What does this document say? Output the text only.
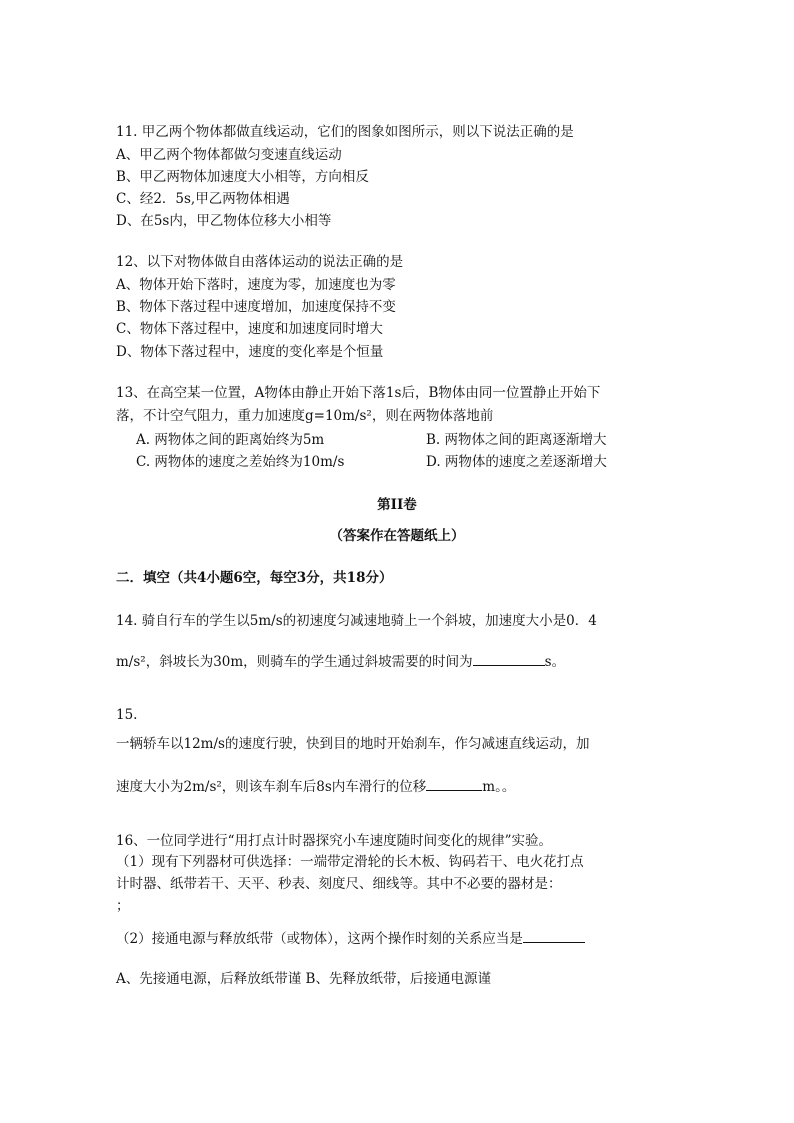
11. 甲乙两个物体都做直线运动，它们的图象如图所示，则以下说法正确的是
A、甲乙两个物体都做匀变速直线运动
B、甲乙两物体加速度大小相等，方向相反
C、经2．5s,甲乙两物体相遇
D、在5s内，甲乙物体位移大小相等
12、以下对物体做自由落体运动的说法正确的是
A、物体开始下落时，速度为零，加速度也为零
B、物体下落过程中速度增加，加速度保持不变
C、物体下落过程中，速度和加速度同时增大
D、物体下落过程中，速度的变化率是个恒量
13、在高空某一位置，A物体由静止开始下落1s后，B物体由同一位置静止开始下
落，不计空气阻力，重力加速度g=10m/s²，则在两物体落地前
A. 两物体之间的距离始终为5m	B. 两物体之间的距离逐渐增大
C. 两物体的速度之差始终为10m/s	D. 两物体的速度之差逐渐增大
第II卷
（答案作在答题纸上）
二．填空（共4小题6空，每空3分，共18分）
14. 骑自行车的学生以5m/s的初速度匀减速地骑上一个斜坡，加速度大小是0．4
m/s²，斜坡长为30m，则骑车的学生通过斜坡需要的时间为	s。
15.
一辆轿车以12m/s的速度行驶，快到目的地时开始刹车，作匀减速直线运动，加
速度大小为2m/s²，则该车刹车后8s内车滑行的位移	m。。
16、一位同学进行“用打点计时器探究小车速度随时间变化的规律”实验。
（1）现有下列器材可供选择：一端带定滑轮的长木板、钩码若干、电火花打点
计时器、纸带若干、天平、秒表、刻度尺、细线等。其中不必要的器材是：
；
（2）接通电源与释放纸带（或物体），这两个操作时刻的关系应当是
A、先接通电源，后释放纸带谨 B、先释放纸带，后接通电源谨
